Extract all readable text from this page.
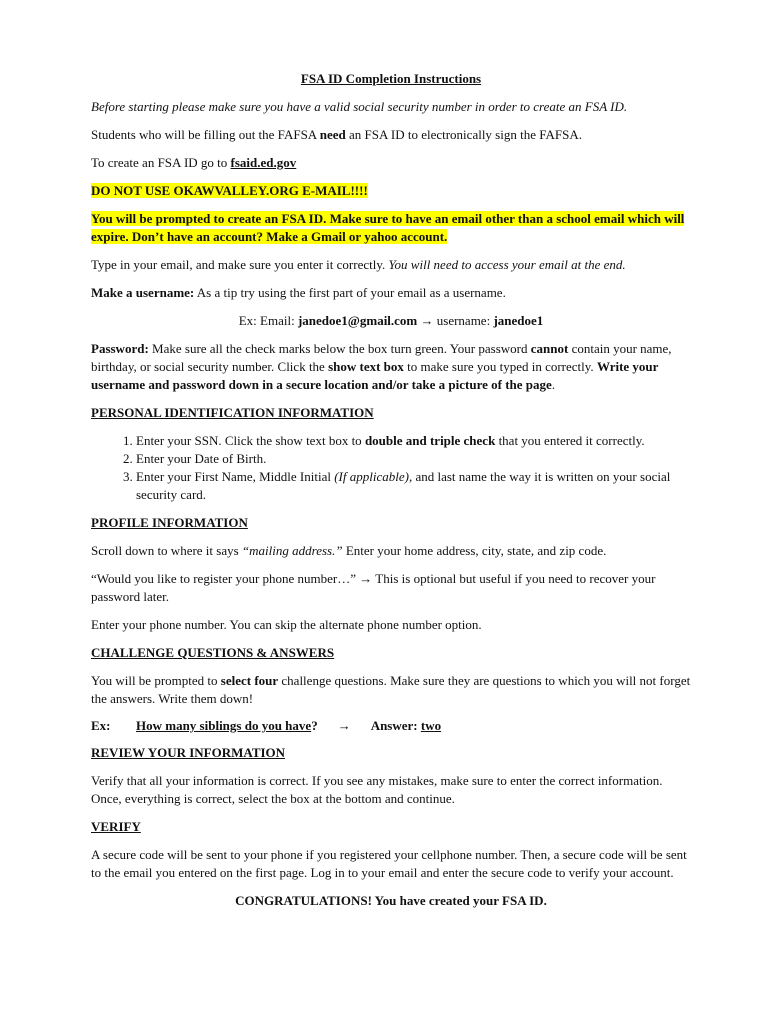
FSA ID Completion Instructions

Before starting please make sure you have a valid social security number in order to create an FSA ID.

Students who will be filling out the FAFSA need an FSA ID to electronically sign the FAFSA.

To create an FSA ID go to fsaid.ed.gov

DO NOT USE OKAWVALLEY.ORG E-MAIL!!!!

You will be prompted to create an FSA ID. Make sure to have an email other than a school email which will expire. Don’t have an account? Make a Gmail or yahoo account.

Type in your email, and make sure you enter it correctly. You will need to access your email at the end.

Make a username: As a tip try using the first part of your email as a username.

Ex: Email: janedoe1@gmail.com → username: janedoe1

Password: Make sure all the check marks below the box turn green. Your password cannot contain your name, birthday, or social security number. Click the show text box to make sure you typed in correctly. Write your username and password down in a secure location and/or take a picture of the page.

PERSONAL IDENTIFICATION INFORMATION

1. Enter your SSN. Click the show text box to double and triple check that you entered it correctly.
2. Enter your Date of Birth.
3. Enter your First Name, Middle Initial (If applicable), and last name the way it is written on your social security card.

PROFILE INFORMATION

Scroll down to where it says “mailing address.” Enter your home address, city, state, and zip code.

“Would you like to register your phone number…” → This is optional but useful if you need to recover your password later.

Enter your phone number. You can skip the alternate phone number option.

CHALLENGE QUESTIONS & ANSWERS

You will be prompted to select four challenge questions. Make sure they are questions to which you will not forget the answers. Write them down!

Ex:	How many siblings do you have? → Answer: two

REVIEW YOUR INFORMATION

Verify that all your information is correct. If you see any mistakes, make sure to enter the correct information. Once, everything is correct, select the box at the bottom and continue.

VERIFY

A secure code will be sent to your phone if you registered your cellphone number. Then, a secure code will be sent to the email you entered on the first page. Log in to your email and enter the secure code to verify your account.

CONGRATULATIONS! You have created your FSA ID.
